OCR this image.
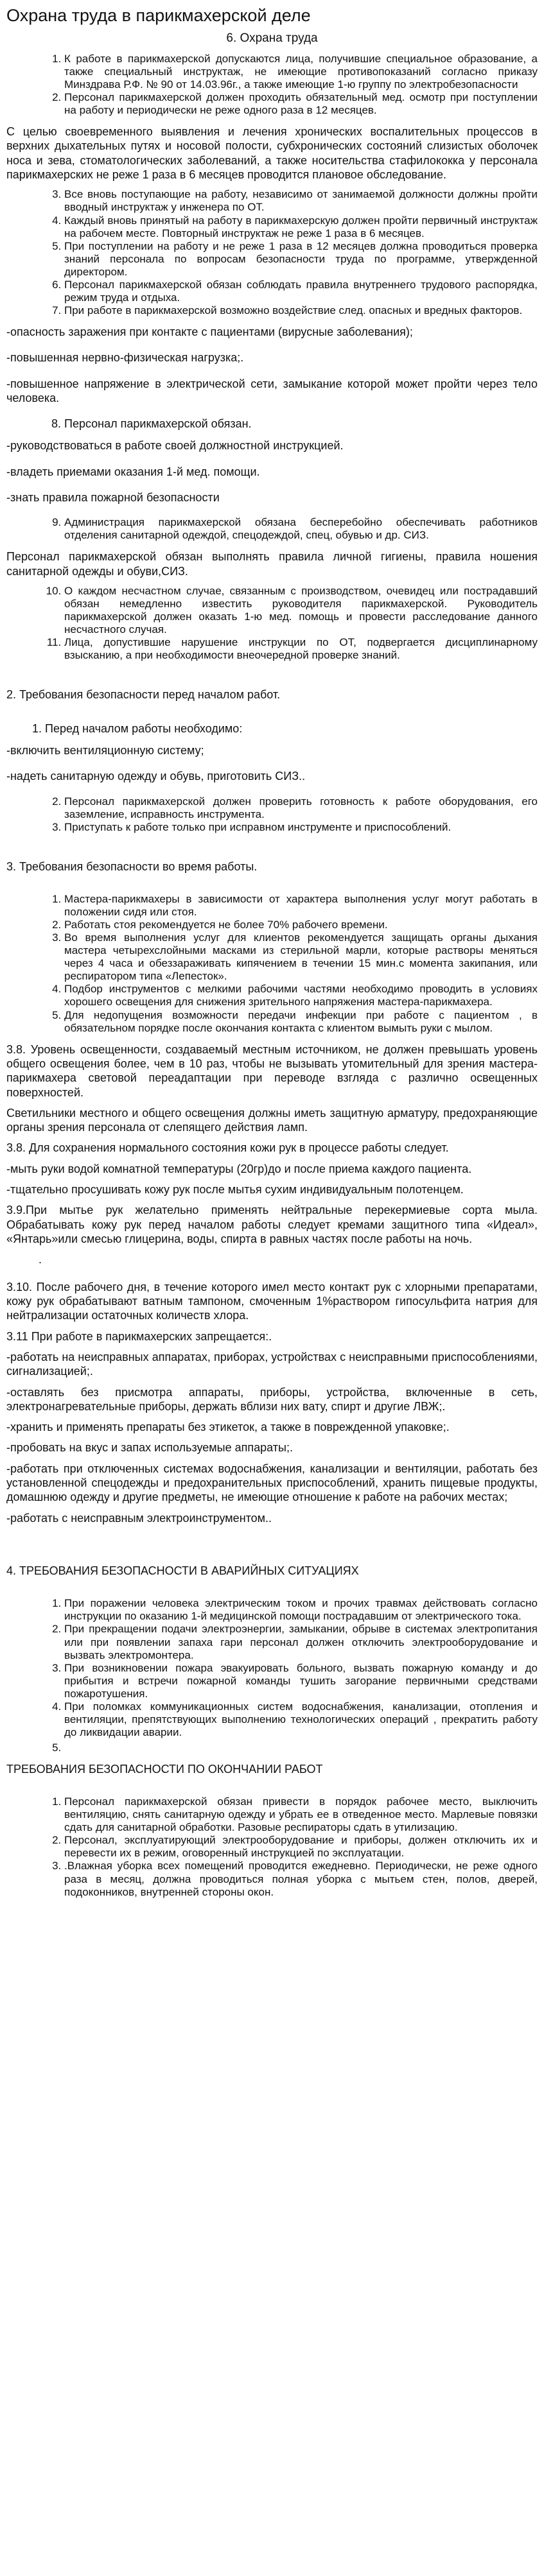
Охрана труда в парикмахерской деле
6. Охрана труда
1. К работе в парикмахерской допускаются лица, получившие специальное образование, а также специальный инструктаж, не имеющие противопоказаний согласно приказу Минздрава Р.Ф. № 90 от 14.03.96г., а также имеющие 1-ю группу по электробезопасности
2. Персонал парикмахерской должен проходить обязательный мед. осмотр при поступлении на работу и периодически не реже одного раза в 12 месяцев.

С целью своевременного выявления и лечения хронических воспалительных процессов в верхних дыхательных путях и носовой полости, субхронических состояний слизистых оболочек носа и зева, стоматологических заболеваний, а также носительства стафилококка у персонала парикмахерских не реже 1 раза в 6 месяцев проводится плановое обследование.

3. Все вновь поступающие на работу, независимо от занимаемой должности должны пройти вводный инструктаж у инженера по ОТ.
4. Каждый вновь принятый на работу в парикмахерскую должен пройти первичный инструктаж на рабочем месте. Повторный инструктаж не реже 1 раза в 6 месяцев.
5. При поступлении на работу и не реже 1 раза в 12 месяцев должна проводиться проверка знаний персонала по вопросам безопасности труда по программе, утвержденной директором.
6. Персонал парикмахерской обязан соблюдать правила внутреннего трудового распорядка, режим труда и отдыха.
7. При работе в парикмахерской возможно воздействие след. опасных и вредных факторов.

-опасность заражения при контакте с пациентами (вирусные заболевания);

-повышенная нервно-физическая нагрузка;.

-повышенное напряжение в электрической сети, замыкание которой может пройти через тело человека.

8. Персонал парикмахерской обязан.

-руководствоваться в работе своей должностной инструкцией.

-владеть приемами оказания 1-й мед. помощи.

-знать правила пожарной безопасности

9. Администрация парикмахерской обязана бесперебойно обеспечивать работников отделения санитарной одеждой, спецодеждой, спец, обувью и др. СИЗ.

Персонал парикмахерской обязан выполнять правила личной гигиены, правила ношения санитарной одежды и обуви,СИЗ.

10. О каждом несчастном случае, связанным с производством, очевидец или пострадавший обязан немедленно известить руководителя парикмахерской. Руководитель парикмахерской должен оказать 1-ю мед. помощь и провести расследование данного несчастного случая.
11. Лица, допустившие нарушение инструкции по ОТ, подвергается дисциплинарному взысканию, а при необходимости внеочередной проверке знаний.
2. Требования безопасности перед началом работ.
1. Перед началом работы необходимо:

-включить вентиляционную систему;

-надеть санитарную одежду и обувь, приготовить СИЗ..

2. Персонал парикмахерской должен проверить готовность к работе оборудования, его заземление, исправность инструмента.
3. Приступать к работе только при исправном инструменте и приспособлений.
3. Требования безопасности во время работы.
1. Мастера-парикмахеры в зависимости от характера выполнения услуг могут работать в положении сидя или стоя.
2. Работать стоя рекомендуется не более 70% рабочего времени.
3. Во время выполнения услуг для клиентов рекомендуется защищать органы дыхания мастера четырехслойными масками из стерильной марли, которые растворы меняться через 4 часа и обеззараживать кипячением в течении 15 мин.с момента закипания, или респиратором типа «Лепесток».
4. Подбор инструментов с мелкими рабочими частями необходимо проводить в условиях хорошего освещения для снижения зрительного напряжения мастера-парикмахера.
5. Для недопущения возможности передачи инфекции при работе с пациентом , в обязательном порядке после окончания контакта с клиентом вымыть руки с мылом.

3.8. Уровень освещенности, создаваемый местным источником, не должен превышать уровень общего освещения более, чем в 10 раз, чтобы не вызывать утомительный для зрения мастера-парикмахера световой переадаптации при переводе взгляда с различно освещенных поверхностей.

Светильники местного и общего освещения должны иметь защитную арматуру, предохраняющие органы зрения персонала от слепящего действия ламп.

3.8. Для сохранения нормального состояния кожи рук в процессе работы следует.

-мыть руки водой комнатной температуры (20гр)до и после приема каждого пациента.

-тщательно просушивать кожу рук после мытья сухим индивидуальным полотенцем.

3.9.При мытье рук желательно применять нейтральные перекермиевые сорта мыла. Обрабатывать кожу рук перед началом работы следует кремами защитного типа «Идеал», «Янтарь»или смесью глицерина, воды, спирта в равных частях после работы на ночь.

.

3.10. После рабочего дня, в течение которого имел место контакт рук с хлорными препаратами, кожу рук обрабатывают ватным тампоном, смоченным 1%раствором гипосульфита натрия для нейтрализации остаточных количеств хлора.

3.11 При работе в парикмахерских запрещается:.

-работать на неисправных аппаратах, приборах, устройствах с неисправными приспособлениями, сигнализацией;.

-оставлять без присмотра аппараты, приборы, устройства, включенные в сеть, электронагревательные приборы, держать вблизи них вату, спирт и другие ЛВЖ;.

-хранить и применять препараты без этикеток, а также в поврежденной упаковке;.

-пробовать на вкус и запах используемые аппараты;.

-работать при отключенных системах водоснабжения, канализации и вентиляции, работать без установленной спецодежды и предохранительных приспособлений, хранить пищевые продукты, домашнюю одежду и другие предметы, не имеющие отношение к работе на рабочих местах;

-работать с неисправным электроинструментом..

4. ТРЕБОВАНИЯ БЕЗОПАСНОСТИ В АВАРИЙНЫХ СИТУАЦИЯХ
1. При поражении человека электрическим током и прочих травмах действовать согласно инструкции по оказанию 1-й медицинской помощи пострадавшим от электрического тока.
2. При прекращении подачи электроэнергии, замыкании, обрыве в системах электропитания или при появлении запаха гари персонал должен отключить электрооборудование и вызвать электромонтера.
3. При возникновении пожара эвакуировать больного, вызвать пожарную команду и до прибытия и встречи пожарной команды тушить загорание первичными средствами пожаротушения.
4. При поломках коммуникационных систем водоснабжения, канализации, отопления и вентиляции, препятствующих выполнению технологических операций , прекратить работу до ликвидации аварии.
5.
ТРЕБОВАНИЯ БЕЗОПАСНОСТИ ПО ОКОНЧАНИИ РАБОТ
1. Персонал парикмахерской обязан привести в порядок рабочее место, выключить вентиляцию, снять санитарную одежду и убрать ее в отведенное место. Марлевые повязки сдать для санитарной обработки. Разовые респираторы сдать в утилизацию.
2. Персонал, эксплуатирующий электрооборудование и приборы, должен отключить их и перевести их в режим, оговоренный инструкцией по эксплуатации.
3. .Влажная уборка всех помещений проводится ежедневно. Периодически, не реже одного раза в месяц, должна проводиться полная уборка с мытьем стен, полов, дверей, подоконников, внутренней стороны окон.
